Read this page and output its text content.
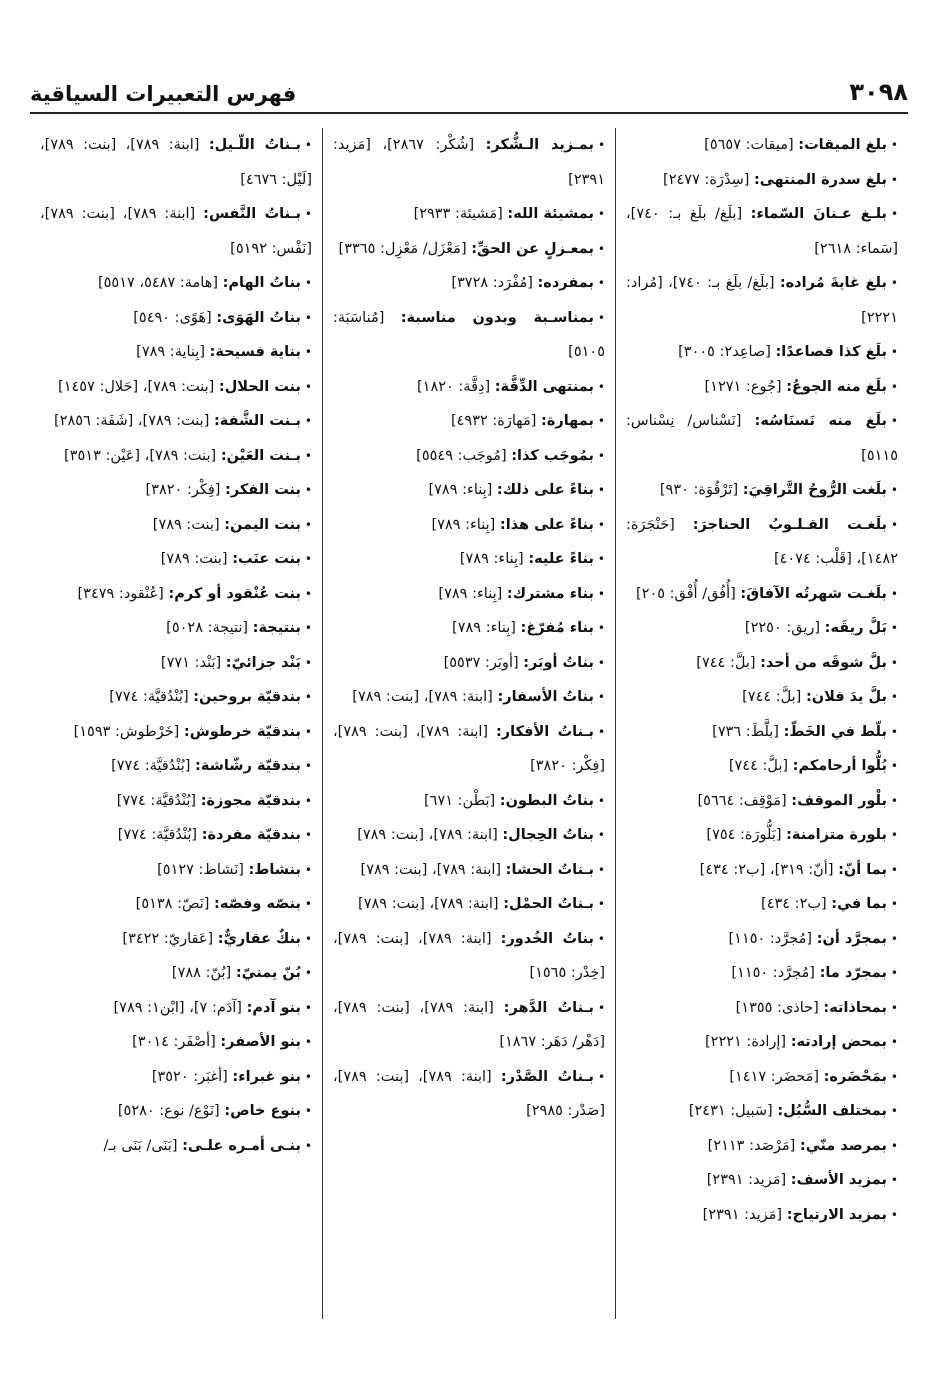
فهرس التعبيرات السياقية	٣٠٩٨

•بلغ الميقات: [ميقات: ٥٦٥٧]

•بلغ سدرة المنتهى: [سِدْرَة: ٢٤٧٧]

•بلـغ عـنانَ السّماء: [بلَغ/ بلَغ بـ: ٧٤٠]، [سَماء: ٢٦١٨]

•بلغ غايةَ مُراده: [بلَغ/ بلَغ بـ: ٧٤٠]، [مُراد: ٢٢٢١]

•بلَغ كذا فصاعدًا: [صاعِد٢: ٣٠٠٥]

•بلَغ منه الجوعُ: [جُوع: ١٢٧١]

•بلَغ منه نَسنَاسُه: [نَسْناس/ نِسْناس: ٥١١٥]

•بلَغت الرُّوحُ التَّراقِيَ: [تَرْقُوَة: ٩٣٠]

•بلَغـت القـلـوبُ الحناجرَ: [حَنْجَرَة: ١٤٨٢]، [قَلْب: ٤٠٧٤]

•بلَغـت شهرتُه الآفاقَ: [أُفُق/ أُفْق: ٢٠٥]

•بَلَّ ريقَه: [ريق: ٢٢٥٠]

•بلَّ شوقَه من أحد: [بلَّ: ٧٤٤]

•بلَّ يدَ فلان: [بلَّ: ٧٤٤]

•بلّط في الخَطّ: [بلَّطَ: ٧٣٦]

•بُلُّوا أرحامكم: [بلَّ: ٧٤٤]

•بلْور الموقف: [مَوْقِف: ٥٦٦٤]

•بلورة متزامنة: [بَلُّورَة: ٧٥٤]

•بما أنّ: [أنّ: ٣١٩]، [ب٢: ٤٣٤]

•بما في: [ب٢: ٤٣٤]

•بمجرَّد أن: [مُجرَّد: ١١٥٠]

•بمجرّد ما: [مُجرَّد: ١١٥٠]

•بمحاذاته: [حاذى: ١٣٥٥]

•بمحض إرادته: [إرادة: ٢٢٢١]

•بمَحْضَره: [مَحضَر: ١٤١٧]

•بمختلف السُّبُل: [سَبيل: ٢٤٣١]

•بمرصد منّي: [مَرْصَد: ٢١١٣]

•بمزيد الأسف: [مَزيد: ٢٣٩١]

•بمزيد الارتياح: [مَزيد: ٢٣٩١]

•بمـزيد الـشُّكر: [شُكْر: ٢٨٦٧]، [مَزيد: ٢٣٩١]

•بمشيئة الله: [مَشيئة: ٢٩٣٣]

•بمعـزلٍ عن الحقِّ: [مَعْزَل/ مَعْزِل: ٣٣٦٥]

•بمفرده: [مُفْرَد: ٣٧٢٨]

•بمناسـبة وبدون مناسبة: [مُناسَبَة: ٥١٠٥]

•بمنتهى الدِّقَّة: [دِقَّة: ١٨٢٠]

•بمهارة: [مَهارَة: ٤٩٣٢]

•بمُوجَب كذا: [مُوجَب: ٥٥٤٩]

•بناءً على ذلك: [بِناء: ٧٨٩]

•بناءً على هذا: [بِناء: ٧٨٩]

•بناءً عليه: [بِناء: ٧٨٩]

•بناء مشترك: [بِناء: ٧٨٩]

•بناء مُفرّغ: [بِناء: ٧٨٩]

•بناتُ أوبَر: [أوبَر: ٥٥٣٧]

•بناتُ الأسفار: [ابنة: ٧٨٩]، [بنت: ٧٨٩]

•بـناتُ الأفكار: [ابنة: ٧٨٩]، [بنت: ٧٨٩]، [فِكْر: ٣٨٢٠]

•بناتُ البطون: [بَطْن: ٦٧١]

•بناتُ الحِجال: [ابنة: ٧٨٩]، [بنت: ٧٨٩]

•بـناتُ الحشا: [ابنة: ٧٨٩]، [بنت: ٧٨٩]

•بـناتُ الحمْل: [ابنة: ٧٨٩]، [بنت: ٧٨٩]

•بناتُ الخُدور: [ابنة: ٧٨٩]، [بنت: ٧٨٩]، [خِدْر: ١٥٦٥]

•بـناتُ الدَّهر: [ابنة: ٧٨٩]، [بنت: ٧٨٩]، [دَهْر/ دَهَر: ١٨٦٧]

•بـناتُ الصَّدْر: [ابنة: ٧٨٩]، [بنت: ٧٨٩]، [صَدْر: ٢٩٨٥]

•بـناتُ اللّـيل: [ابنة: ٧٨٩]، [بنت: ٧٨٩]، [لَيْل: ٤٦٧٦]

•بـناتُ النَّفس: [ابنة: ٧٨٩]، [بنت: ٧٨٩]، [نَفْس: ٥١٩٢]

•بناتُ الهام: [هامة: ٥٤٨٧، ٥٥١٧]

•بناتُ الهَوَى: [هَوًى: ٥٤٩٠]

•بناية فسيحة: [بِناية: ٧٨٩]

•بنت الحلال: [بنت: ٧٨٩]، [حَلال: ١٤٥٧]

•بـنت الشَّفة: [بنت: ٧٨٩]، [شَفَة: ٢٨٥٦]

•بـنت العَيْن: [بنت: ٧٨٩]، [عَيْن: ٣٥١٣]

•بنت الفكر: [فِكْر: ٣٨٢٠]

•بنت اليمن: [بنت: ٧٨٩]

•بنت عنَب: [بنت: ٧٨٩]

•بنت عُنْقود أو كرم: [عُنْقود: ٣٤٧٩]

•بنتيجة: [نتيجة: ٥٠٢٨]

•بَنْد جزائيّ: [بَنْد: ٧٧١]

•بندقيّة بروحين: [بُنْدُقيَّة: ٧٧٤]

•بندقيّة خرطوش: [خَرْطوش: ١٥٩٣]

•بندقيّة رشّاشة: [بُنْدُقيَّة: ٧٧٤]

•بندقيّة مجوزة: [بُنْدُقيَّة: ٧٧٤]

•بندقيّة مفردة: [بُنْدُقيَّة: ٧٧٤]

•بنشاط: [نَشاط: ٥١٢٧]

•بنصّه وفصّه: [نَصّ: ٥١٣٨]

•بنكٌ عقاريٌّ: [عَقاريّ: ٣٤٢٢]

•بُنّ يمنيّ: [بُنّ: ٧٨٨]

•بنو آدم: [آدَم: ٧]، [ابْن١: ٧٨٩]

•بنو الأصفر: [أصْفَر: ٣٠١٤]

•بنو غبراء: [أغبَر: ٣٥٢٠]

•بنوع خاص: [نَوْع/ نوع: ٥٢٨٠]

•بنـى أمـره علـى: [بَنَى/ بَنَى بـ/
